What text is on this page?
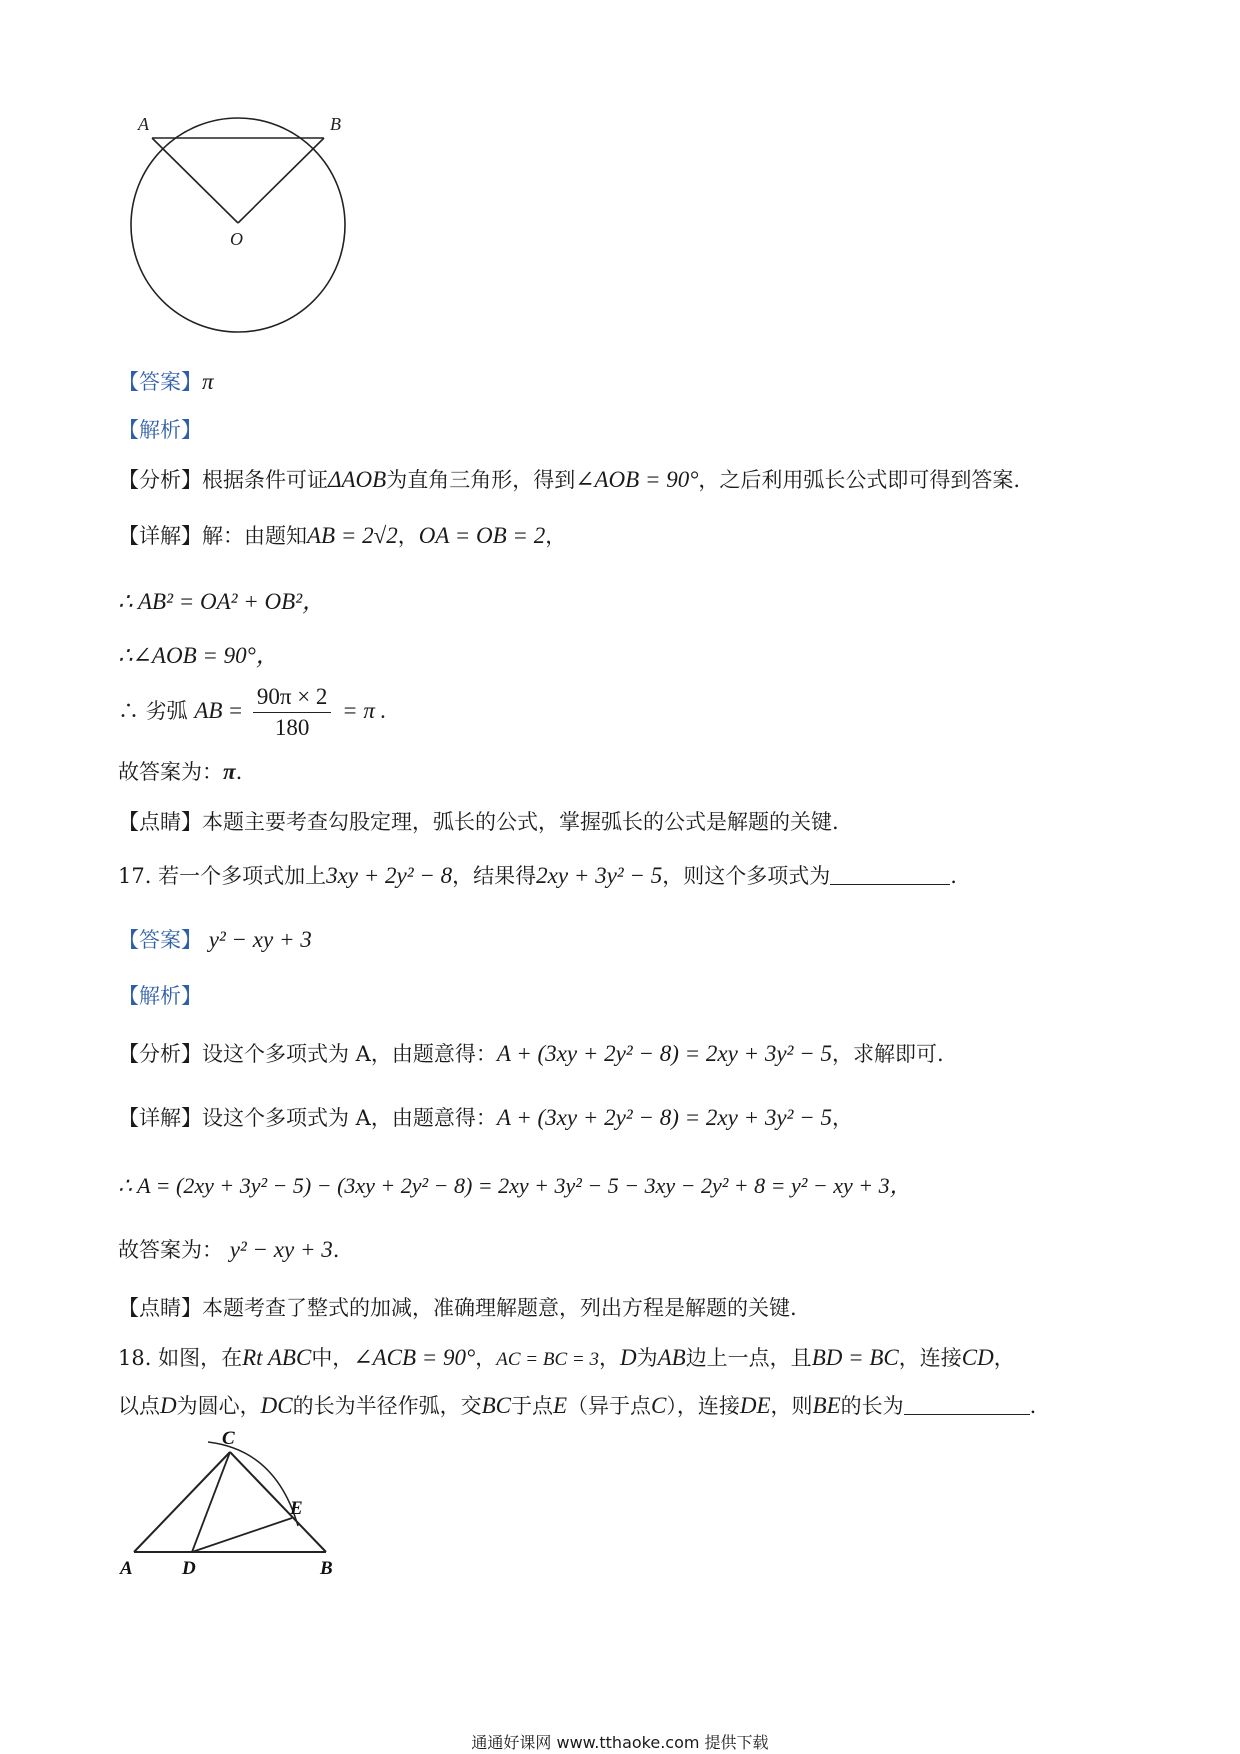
A	B
O
【答案】π
【解析】
【分析】根据条件可证ΔAOB为直角三角形，得到∠AOB = 90°，之后利用弧长公式即可得到答案.
【详解】解：由题知AB = 2√2，OA = OB = 2，
∴ AB² = OA² + OB²，
∴∠AOB = 90°，
∴ 劣弧 AB = $\frac{90\pi \times 2}{180} = \pi$ .
故答案为：π.
【点睛】本题主要考查勾股定理，弧长的公式，掌握弧长的公式是解题的关键.
17. 若一个多项式加上3xy + 2y² − 8，结果得2xy + 3y² − 5，则这个多项式为	.
【答案】 y² − xy + 3
【解析】
【分析】设这个多项式为 A，由题意得：A + (3xy + 2y² − 8) = 2xy + 3y² − 5，求解即可.
【详解】设这个多项式为 A，由题意得：A + (3xy + 2y² − 8) = 2xy + 3y² − 5，
∴ A = (2xy + 3y² − 5) − (3xy + 2y² − 8) = 2xy + 3y² − 5 − 3xy − 2y² + 8 = y² − xy + 3，
故答案为： y² − xy + 3.
【点睛】本题考查了整式的加减，准确理解题意，列出方程是解题的关键.
18. 如图，在Rt ABC中，∠ACB = 90°，AC = BC = 3，D为AB边上一点，且BD = BC，连接CD，
以点D为圆心，DC的长为半径作弧，交BC于点E（异于点C），连接DE，则BE的长为	.
C
E
A	D	B
通通好课网 www.tthaoke.com 提供下载
